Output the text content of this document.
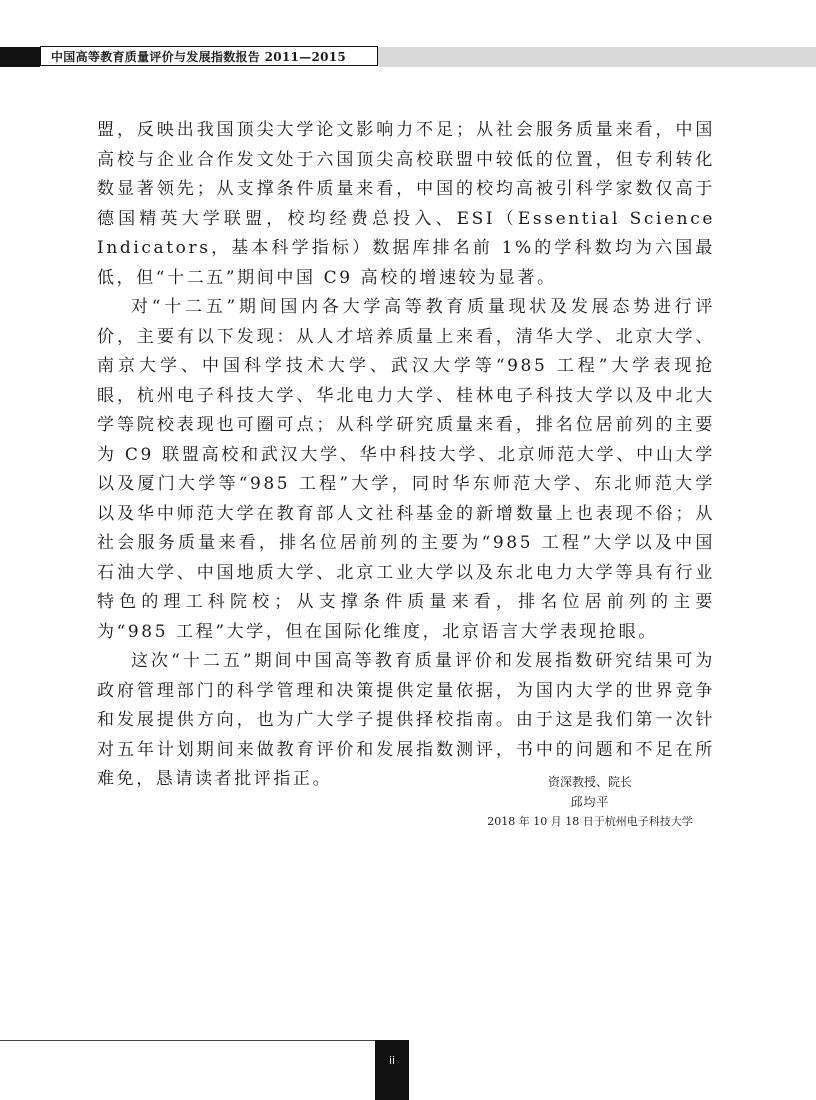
中国高等教育质量评价与发展指数报告 2011—2015

盟，反映出我国顶尖大学论文影响力不足；从社会服务质量来看，中国高校与企业合作发文处于六国顶尖高校联盟中较低的位置，但专利转化数显著领先；从支撑条件质量来看，中国的校均高被引科学家数仅高于德国精英大学联盟，校均经费总投入、ESI（Essential Science Indicators，基本科学指标）数据库排名前 1%的学科数均为六国最低，但“十二五”期间中国 C9 高校的增速较为显著。

对“十二五”期间国内各大学高等教育质量现状及发展态势进行评价，主要有以下发现：从人才培养质量上来看，清华大学、北京大学、南京大学、中国科学技术大学、武汉大学等“985 工程”大学表现抢眼，杭州电子科技大学、华北电力大学、桂林电子科技大学以及中北大学等院校表现也可圈可点；从科学研究质量来看，排名位居前列的主要为 C9 联盟高校和武汉大学、华中科技大学、北京师范大学、中山大学以及厦门大学等“985 工程”大学，同时华东师范大学、东北师范大学以及华中师范大学在教育部人文社科基金的新增数量上也表现不俗；从社会服务质量来看，排名位居前列的主要为“985 工程”大学以及中国石油大学、中国地质大学、北京工业大学以及东北电力大学等具有行业特色的理工科院校；从支撑条件质量来看，排名位居前列的主要为“985 工程”大学，但在国际化维度，北京语言大学表现抢眼。

这次“十二五”期间中国高等教育质量评价和发展指数研究结果可为政府管理部门的科学管理和决策提供定量依据，为国内大学的世界竞争和发展提供方向，也为广大学子提供择校指南。由于这是我们第一次针对五年计划期间来做教育评价和发展指数测评，书中的问题和不足在所难免，恳请读者批评指正。	资深教授、院长
邱均平
2018 年 10 月 18 日于杭州电子科技大学
ii
